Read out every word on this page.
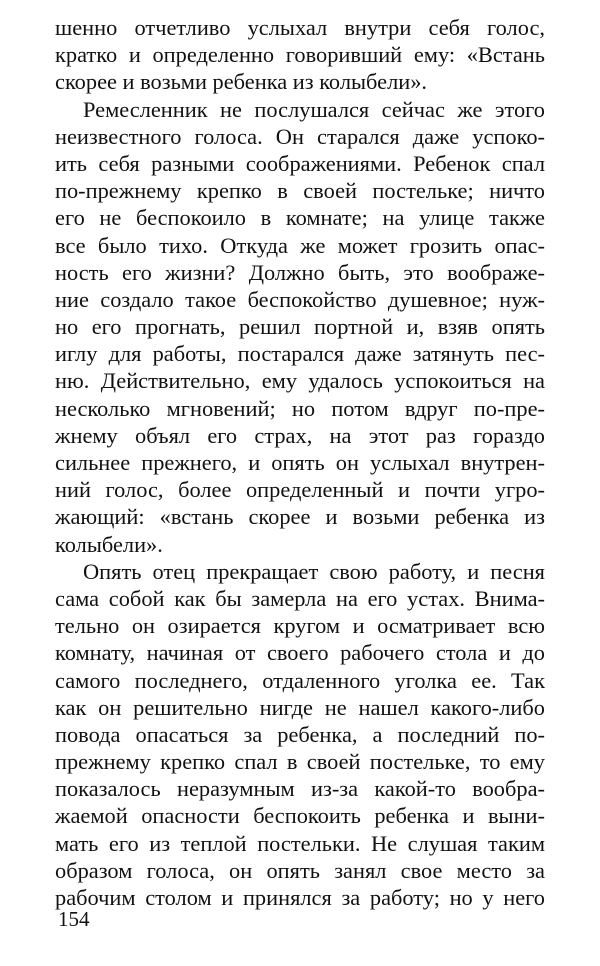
шенно отчетливо услыхал внутри себя голос,
кратко и определенно говоривший ему: «Встань
скорее и возьми ребенка из колыбели».
Ремесленник не послушался сейчас же этого
неизвестного голоса. Он старался даже успоко-
ить себя разными соображениями. Ребенок спал
по-прежнему крепко в своей постельке; ничто
его не беспокоило в комнате; на улице также
все было тихо. Откуда же может грозить опас-
ность его жизни? Должно быть, это воображе-
ние создало такое беспокойство душевное; нуж-
но его прогнать, решил портной и, взяв опять
иглу для работы, постарался даже затянуть пес-
ню. Действительно, ему удалось успокоиться на
несколько мгновений; но потом вдруг по-пре-
жнему объял его страх, на этот раз гораздо
сильнее прежнего, и опять он услыхал внутрен-
ний голос, более определенный и почти угро-
жающий: «встань скорее и возьми ребенка из
колыбели».
Опять отец прекращает свою работу, и песня
сама собой как бы замерла на его устах. Внима-
тельно он озирается кругом и осматривает всю
комнату, начиная от своего рабочего стола и до
самого последнего, отдаленного уголка ее. Так
как он решительно нигде не нашел какого-либо
повода опасаться за ребенка, а последний по-
прежнему крепко спал в своей постельке, то ему
показалось неразумным из-за какой-то вообра-
жаемой опасности беспокоить ребенка и выни-
мать его из теплой постельки. Не слушая таким
образом голоса, он опять занял свое место за
рабочим столом и принялся за работу; но у него
154
